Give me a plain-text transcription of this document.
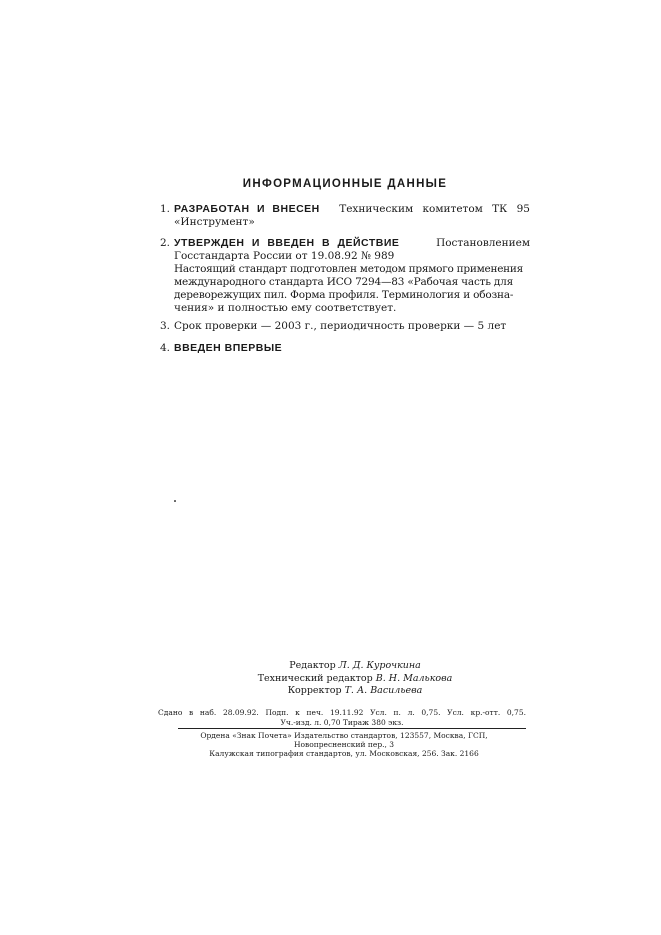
ИНФОРМАЦИОННЫЕ ДАННЫЕ
1. РАЗРАБОТАН И ВНЕСЕН Техническим комитетом ТК 95
«Инструмент»
2. УТВЕРЖДЕН И ВВЕДЕН В ДЕЙСТВИЕ	Постановлением
Госстандарта России от 19.08.92 № 989
Настоящий стандарт подготовлен методом прямого применения
международного стандарта ИСО 7294—83 «Рабочая часть для
дереворежущих пил. Форма профиля. Терминология и обозна-
чения» и полностью ему соответствует.
3. Срок проверки — 2003 г., периодичность проверки — 5 лет
4. ВВЕДЕН ВПЕРВЫЕ
Редактор Л. Д. Курочкина
Технический редактор В. Н. Малькова
Корректор Т. А. Васильева
Сдано в наб. 28.09.92. Подп. к печ. 19.11.92 Усл. п. л. 0,75. Усл. кр.-отт. 0,75.
Уч.-изд. л. 0,70 Тираж 380 экз.
Ордена «Знак Почета» Издательство стандартов, 123557, Москва, ГСП,
Новопресненский пер., 3
Калужская типография стандартов, ул. Московская, 256. Зак. 2166
